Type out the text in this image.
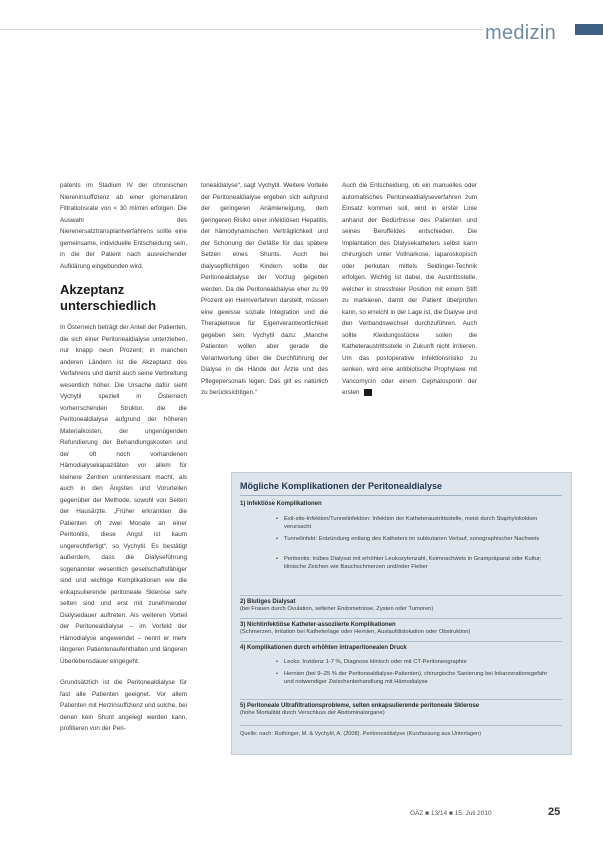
medizin

patents im Stadium IV der chronischen Niereninsuffizienz ab einer glomerulären Filtrationsrate von < 30 ml/min erfolgen. Die Auswahl des Nierenersatztransplantverfahrens sollte eine gemeinsame, individuelle Entscheidung sein, in die der Patient nach ausreichender Aufklärung eingebunden wird.

Akzeptanz unterschiedlich

In Österreich beträgt der Anteil der Patienten, die sich einer Peritonealdialyse unterziehen, nur knapp neun Prozent; in manchen anderen Ländern ist die Akzeptanz des Verfahrens und damit auch seine Verbreitung wesentlich höher. Die Ursache dafür sieht Vychytil speziell in Österreich vorherrschenden Struktur, die die Peritonealdialyse aufgrund der höheren Materialkosten, der ungenügenden Refundierung der Behandlungskosten und der oft noch vorhandenen Hämodialysekapazitäten vor allem für kleinere Zentren uninteressant macht, als auch in den Ängsten und Vorurteilen gegenüber der Methode, sowohl von Seiten der Hausärzte. „Früher erkrankten die Patienten oft zwei Monate an einer Peritonitis, diese Angst ist kaum ungerechtfertigt“, so Vychytil. Es bestätigt außerdem, dass die Dialyseführung sogenannter wesentlich gesellschaftsfähiger sind und wichtige Komplikationen wie die enkapsulierende peritoneale Sklerose sehr selten sind und erst mit zunehmender Dialysedauer auftreten. Als weiteren Vorteil der Peritonealdialyse – im Vorfeld der Hämodialyse angewendet – nennt er mehr längeren Patientenaufenthalten und längeren Überlebensdauer eingegeht.

Grundsätzlich ist die Peritonealdialyse für fast alle Patienten geeignet. Vor allem Patienten mit Herzinsuffizienz und solche, bei denen kein Shunt angelegt werden kann, profitieren von der Peri-

tonealdialyse“, sagt Vychytil. Weitere Vorteile der Peritonealdialyse ergeben sich aufgrund der geringeren Anämieneigung, dem geringeren Risiko einer infektiösen Hepatitis, der hämodynamischen Verträglichkeit und der Schonung der Gefäße für das spätere Setzen eines Shunts. Auch bei dialysepflichtigen Kindern sollte der Peritonealdialyse der Vorzug gegeben werden. Da die Peritonealdialyse eher zu 99 Prozent ein Heimverfahren darstellt, müssen eine gewisse soziale Integration und die Therapietreue für Eigenverantwortlichkeit gegeben sein. Vychytil dazu: „Manche Patienten wollen aber gerade die Verantwortung über die Durchführung der Dialyse in die Hände der Ärzte und des Pflegepersonals legen. Das gilt es natürlich zu berücksichtigen.“

Auch die Entscheidung, ob ein manuelles oder automatisches Peritonealdialyseverfahren zum Einsatz kommen soll, wird in erster Linie anhand der Bedürfnisse des Patienten und seines Beruffeldes entschieden. Die Implantation des Dialysekatheters selbst kann chirurgisch unter Vollnarkose, laparoskopisch oder perkutan mittels Seldinger-Technik erfolgen. Wichtig ist dabei, die Austrittsstelle, welcher in stressfreier Position mit einem Stift zu markieren, damit der Patient überprüfen kann, so erreicht in der Lage ist, die Dialyse und den Verbandswechsel durchzuführen. Auch sollte Kleidungsstücke sollen die Katheteraustrittsstelle in Zukunft nicht irritieren. Um das postoperative Infektionsrisiko zu senken, wird eine antibiotische Prophylaxe mit Vancomycin oder einem Cephalosporin der ersten

Mögliche Komplikationen der Peritonealdialyse
1) Infektiöse Komplikationen
• Exit-site-Infektion/Tunnelinfektion: Infektion der Katheteraustrittsstelle, meist durch Staphylokokken verursacht
• Tunnelinfekt: Entzündung entlang des Katheters im subkutanen Verlauf, sonographischer Nachweis
• Peritonitis: trübes Dialysat mit erhöhter Leukozytenzahl, Keimnachweis in Grampräparat oder Kultur; klinische Zeichen wie Bauchschmerzen und/oder Fieber
2) Blutiges Dialysat
(bei Frauen durch Ovulation, seltener Endometriose, Zysten oder Tumoren)
3) Nichtinfektiöse Katheter-assoziierte Komplikationen
(Schmerzen, Irritation bei Katheterlage oder Hernien, Auslaufdislokation oder Obstruktion)
4) Komplikationen durch erhöhten intraperitonealen Druck
• Lecks: Inzidenz 1-7 %, Diagnose klinisch oder mit CT-Peritoneographie
• Hernien (bei 9–25 % der Peritonealdialyse-Patienten), chirurgische Sanierung bei Inkarzerationsgefahr und notwendiger Zwischenbehandlung mit Hämodialyse
5) Peritoneale Ultrafiltrationsprobleme, selten enkapsulierende peritoneale Sklerose
(hohe Mortalität durch Verschluss der Abdominalorgane)
Quelle: nach: Ruthinger, M. & Vychytil, A. (2008). Peritonealdialyse (Kurzfassung aus Unterlagen)
ÖÄZ ■ 13/14 ■ 15. Juli 2010	25
